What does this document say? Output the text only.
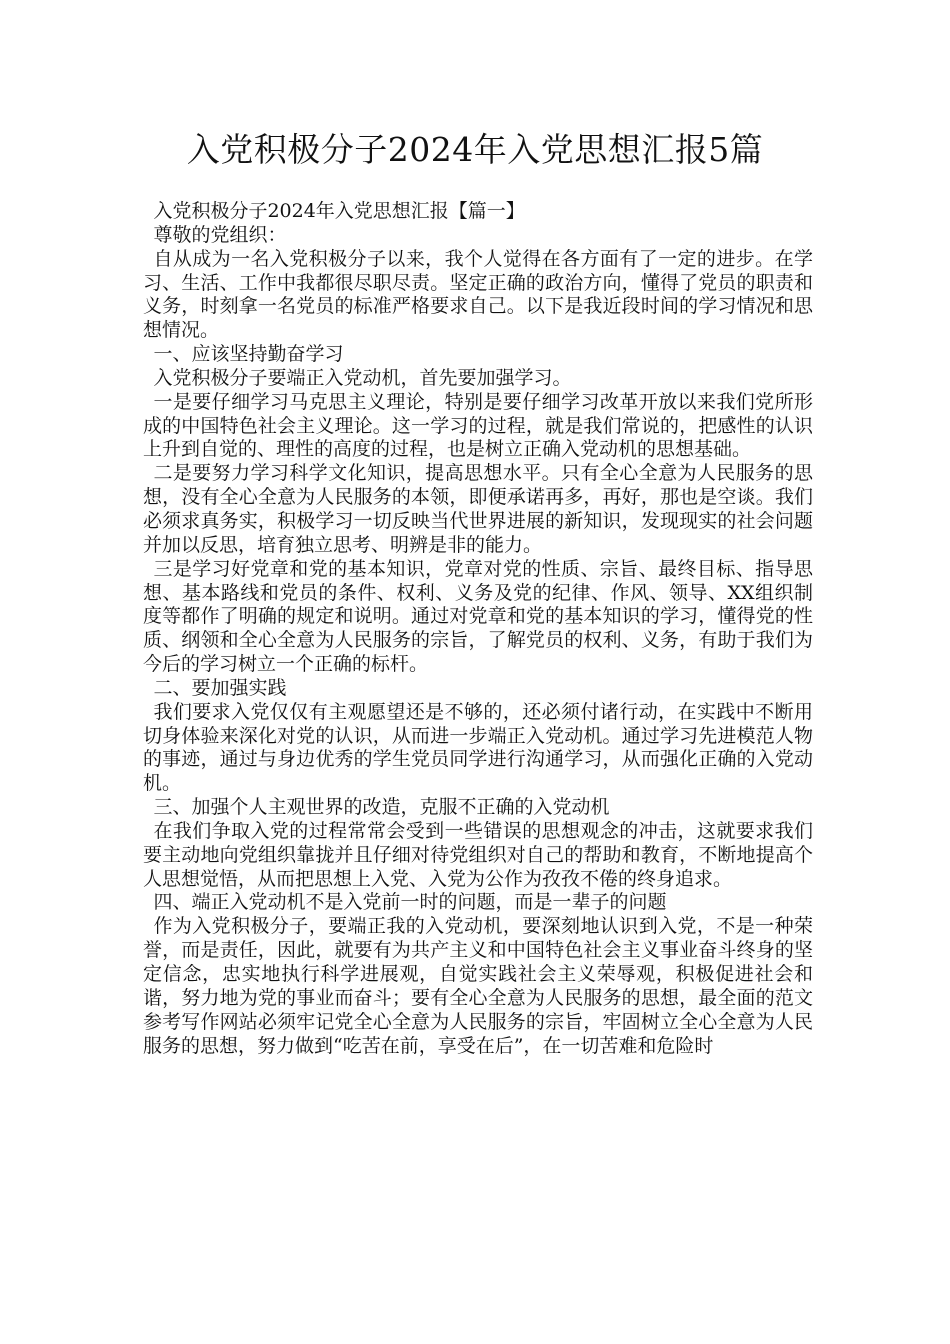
入党积极分子2024年入党思想汇报5篇

入党积极分子2024年入党思想汇报【篇一】

尊敬的党组织：

自从成为一名入党积极分子以来，我个人觉得在各方面有了一定的进步。在学习、生活、工作中我都很尽职尽责。坚定正确的政治方向，懂得了党员的职责和义务，时刻拿一名党员的标准严格要求自己。以下是我近段时间的学习情况和思想情况。

一、应该坚持勤奋学习

入党积极分子要端正入党动机，首先要加强学习。

一是要仔细学习马克思主义理论，特别是要仔细学习改革开放以来我们党所形成的中国特色社会主义理论。这一学习的过程，就是我们常说的，把感性的认识上升到自觉的、理性的高度的过程，也是树立正确入党动机的思想基础。

二是要努力学习科学文化知识，提高思想水平。只有全心全意为人民服务的思想，没有全心全意为人民服务的本领，即便承诺再多，再好，那也是空谈。我们必须求真务实，积极学习一切反映当代世界进展的新知识，发现现实的社会问题并加以反思，培育独立思考、明辨是非的能力。

三是学习好党章和党的基本知识，党章对党的性质、宗旨、最终目标、指导思想、基本路线和党员的条件、权利、义务及党的纪律、作风、领导、XX组织制度等都作了明确的规定和说明。通过对党章和党的基本知识的学习，懂得党的性质、纲领和全心全意为人民服务的宗旨，了解党员的权利、义务，有助于我们为今后的学习树立一个正确的标杆。

二、要加强实践

我们要求入党仅仅有主观愿望还是不够的，还必须付诸行动，在实践中不断用切身体验来深化对党的认识，从而进一步端正入党动机。通过学习先进模范人物的事迹，通过与身边优秀的学生党员同学进行沟通学习，从而强化正确的入党动机。

三、加强个人主观世界的改造，克服不正确的入党动机

在我们争取入党的过程常常会受到一些错误的思想观念的冲击，这就要求我们要主动地向党组织靠拢并且仔细对待党组织对自己的帮助和教育，不断地提高个人思想觉悟，从而把思想上入党、入党为公作为孜孜不倦的终身追求。

四、端正入党动机不是入党前一时的问题，而是一辈子的问题

作为入党积极分子，要端正我的入党动机，要深刻地认识到入党，不是一种荣誉，而是责任，因此，就要有为共产主义和中国特色社会主义事业奋斗终身的坚定信念，忠实地执行科学进展观，自觉实践社会主义荣辱观，积极促进社会和谐，努力地为党的事业而奋斗；要有全心全意为人民服务的思想，最全面的范文参考写作网站必须牢记党全心全意为人民服务的宗旨，牢固树立全心全意为人民服务的思想，努力做到“吃苦在前，享受在后”，在一切苦难和危险时
